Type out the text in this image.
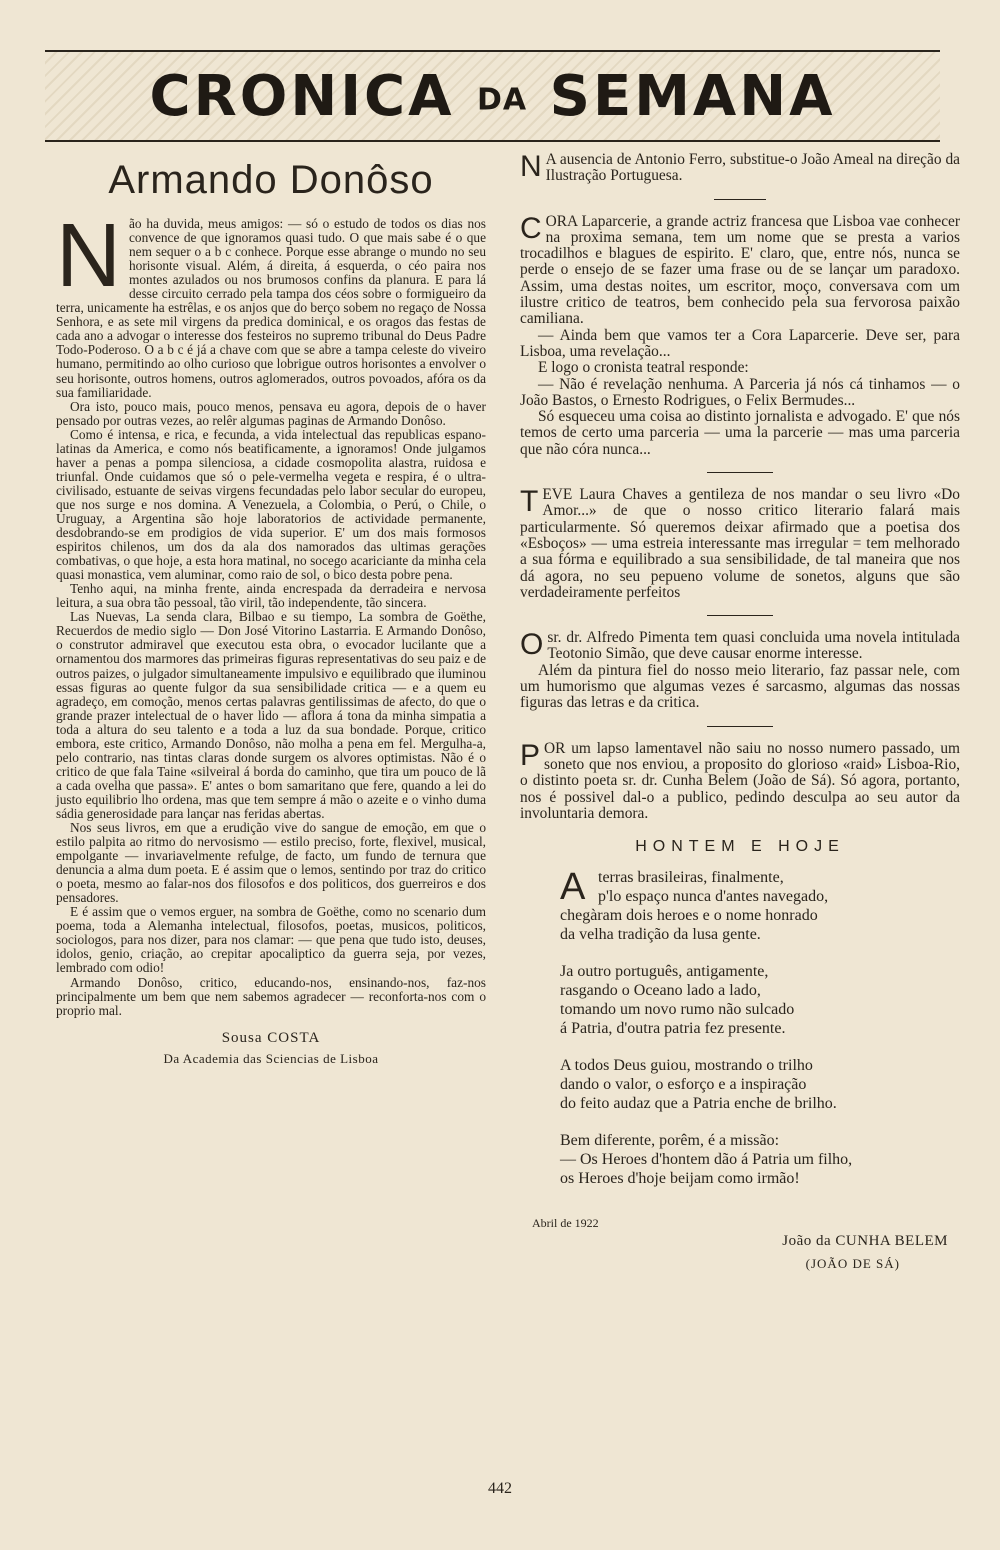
CRONICA DA SEMANA
Armando Donôso

Não ha duvida, meus amigos: — só o estudo de todos os dias nos convence de que ignoramos quasi tudo. O que mais sabe é o que nem sequer o a b c conhece. Porque esse abrange o mundo no seu horisonte visual. Além, á direita, á esquerda, o céo paira nos montes azulados ou nos brumosos confins da planura. E para lá desse circuito cerrado pela tampa dos céos sobre o formigueiro da terra, unicamente ha estrêlas, e os anjos que do berço sobem no regaço de Nossa Senhora, e as sete mil virgens da predica dominical, e os oragos das festas de cada ano a advogar o interesse dos festeiros no supremo tribunal do Deus Padre Todo-Poderoso. O a b c é já a chave com que se abre a tampa celeste do viveiro humano, permitindo ao olho curioso que lobrigue outros horisontes a envolver o seu horisonte, outros homens, outros aglomerados, outros povoados, afóra os da sua familiaridade.

Ora isto, pouco mais, pouco menos, pensava eu agora, depois de o haver pensado por outras vezes, ao relêr algumas paginas de Armando Donôso.

Como é intensa, e rica, e fecunda, a vida intelectual das republicas espano-latinas da America, e como nós beatificamente, a ignoramos! Onde julgamos haver a penas a pompa silenciosa, a cidade cosmopolita alastra, ruidosa e triunfal. Onde cuidamos que só o pele-vermelha vegeta e respira, é o ultra-civilisado, estuante de seivas virgens fecundadas pelo labor secular do europeu, que nos surge e nos domina. A Venezuela, a Colombia, o Perú, o Chile, o Uruguay, a Argentina são hoje laboratorios de actividade permanente, desdobrando-se em prodigios de vida superior. E' um dos mais formosos espiritos chilenos, um dos da ala dos namorados das ultimas gerações combativas, o que hoje, a esta hora matinal, no socego acariciante da minha cela quasi monastica, vem aluminar, como raio de sol, o bico desta pobre pena.

Tenho aqui, na minha frente, ainda encrespada da derradeira e nervosa leitura, a sua obra tão pessoal, tão viril, tão independente, tão sincera.

Las Nuevas, La senda clara, Bilbao e su tiempo, La sombra de Goëthe, Recuerdos de medio siglo — Don José Vitorino Lastarria. E Armando Donôso, o construtor admiravel que executou esta obra, o evocador lucilante que a ornamentou dos marmores das primeiras figuras representativas do seu paiz e de outros paizes, o julgador simultaneamente impulsivo e equilibrado que iluminou essas figuras ao quente fulgor da sua sensibilidade critica — e a quem eu agradeço, em comoção, menos certas palavras gentilissimas de afecto, do que o grande prazer intelectual de o haver lido — aflora á tona da minha simpatia a toda a altura do seu talento e a toda a luz da sua bondade. Porque, critico embora, este critico, Armando Donôso, não molha a pena em fel. Mergulha-a, pelo contrario, nas tintas claras donde surgem os alvores optimistas. Não é o critico de que fala Taine «silveiral á borda do caminho, que tira um pouco de lã a cada ovelha que passa». E' antes o bom samaritano que fere, quando a lei do justo equilibrio lho ordena, mas que tem sempre á mão o azeite e o vinho duma sádia generosidade para lançar nas feridas abertas.

Nos seus livros, em que a erudição vive do sangue de emoção, em que o estilo palpita ao ritmo do nervosismo — estilo preciso, forte, flexivel, musical, empolgante — invariavelmente refulge, de facto, um fundo de ternura que denuncia a alma dum poeta. E é assim que o lemos, sentindo por traz do critico o poeta, mesmo ao falar-nos dos filosofos e dos politicos, dos guerreiros e dos pensadores.

E é assim que o vemos erguer, na sombra de Goëthe, como no scenario dum poema, toda a Alemanha intelectual, filosofos, poetas, musicos, politicos, sociologos, para nos dizer, para nos clamar: — que pena que tudo isto, deuses, idolos, genio, criação, ao crepitar apocaliptico da guerra seja, por vezes, lembrado com odio!

Armando Donôso, critico, educando-nos, ensinando-nos, faz-nos principalmente um bem que nem sabemos agradecer — reconforta-nos com o proprio mal.

Sousa COSTA
Da Academia das Sciencias de Lisboa

N A ausencia de Antonio Ferro, substitue-o João Ameal na direção da Ilustração Portuguesa.

CORA Laparcerie, a grande actriz francesa que Lisboa vae conhecer na proxima semana, tem um nome que se presta a varios trocadilhos e blagues de espirito. E' claro, que, entre nós, nunca se perde o ensejo de se fazer uma frase ou de se lançar um paradoxo. Assim, uma destas noites, um escritor, moço, conversava com um ilustre critico de teatros, bem conhecido pela sua fervorosa paixão camiliana.

— Ainda bem que vamos ter a Cora Laparcerie. Deve ser, para Lisboa, uma revelação...

E logo o cronista teatral responde:

— Não é revelação nenhuma. A Parceria já nós cá tinhamos — o João Bastos, o Ernesto Rodrigues, o Felix Bermudes...

Só esqueceu uma coisa ao distinto jornalista e advogado. E' que nós temos de certo uma parceria — uma la parcerie — mas uma parceria que não córa nunca...

TEVE Laura Chaves a gentileza de nos mandar o seu livro «Do Amor...» de que o nosso critico literario falará mais particularmente. Só queremos deixar afirmado que a poetisa dos «Esboços» — uma estreia interessante mas irregular = tem melhorado a sua fórma e equilibrado a sua sensibilidade, de tal maneira que nos dá agora, no seu pepueno volume de sonetos, alguns que são verdadeiramente perfeitos

Osr. dr. Alfredo Pimenta tem quasi concluida uma novela intitulada Teotonio Simão, que deve causar enorme interesse.

Além da pintura fiel do nosso meio literario, faz passar nele, com um humorismo que algumas vezes é sarcasmo, algumas das nossas figuras das letras e da critica.

POR um lapso lamentavel não saiu no nosso numero passado, um soneto que nos enviou, a proposito do glorioso «raid» Lisboa-Rio, o distinto poeta sr. dr. Cunha Belem (João de Sá). Só agora, portanto, nos é possivel dal-o a publico, pedindo desculpa ao seu autor da involuntaria demora.

HONTEM E HOJE
A terras brasileiras, finalmente,
p'lo espaço nunca d'antes navegado,
chegàram dois heroes e o nome honrado
da velha tradição da lusa gente.
Ja outro português, antigamente,
rasgando o Oceano lado a lado,
tomando um novo rumo não sulcado
á Patria, d'outra patria fez presente.
A todos Deus guiou, mostrando o trilho
dando o valor, o esforço e a inspiração
do feito audaz que a Patria enche de brilho.
Bem diferente, porêm, é a missão:
— Os Heroes d'hontem dão á Patria um filho,
os Heroes d'hoje beijam como irmão!
Abril de 1922
João da CUNHA BELEM
(JOÃO DE SÁ)
442
